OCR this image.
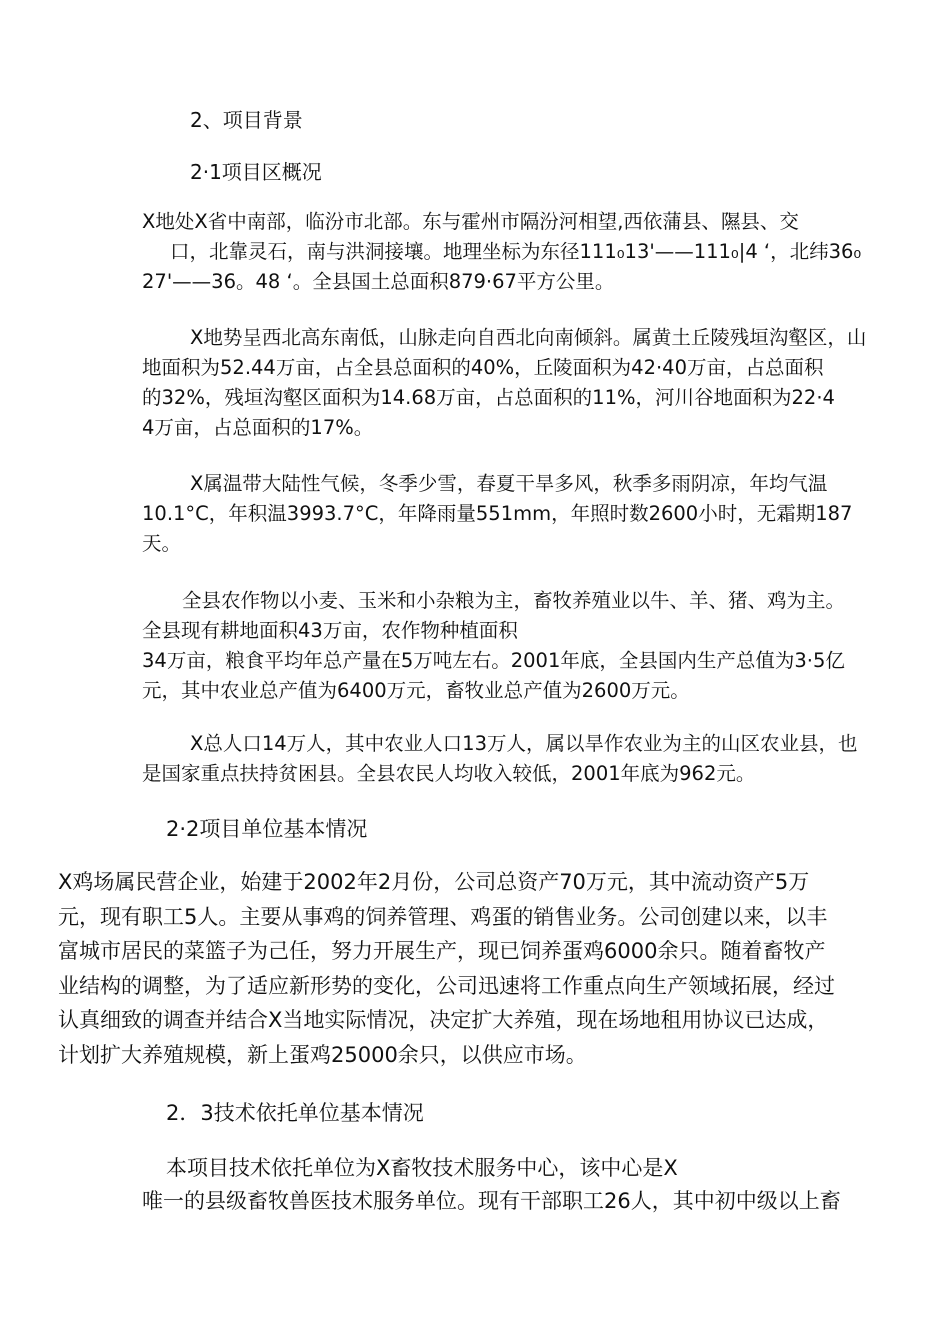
2、项目背景
2·1项目区概况

X地处X省中南部，临汾市北部。东与霍州市隔汾河相望,西依蒲县、隰县、交
口，北靠灵石，南与洪洞接壤。地理坐标为东径111₀13'——111₀|4 ‘，北纬36₀
27'——36。48 ‘。全县国土总面积879·67平方公里。

X地势呈西北高东南低，山脉走向自西北向南倾斜。属黄土丘陵残垣沟壑区，山
地面积为52.44万亩，占全县总面积的40%，丘陵面积为42·40万亩，占总面积
的32%，残垣沟壑区面积为14.68万亩，占总面积的11%，河川谷地面积为22·4
4万亩，占总面积的17%。

X属温带大陆性气候，冬季少雪，春夏干旱多风，秋季多雨阴凉，年均气温
10.1°C，年积温3993.7°C，年降雨量551mm，年照时数2600小时，无霜期187
天。

全县农作物以小麦、玉米和小杂粮为主，畜牧养殖业以牛、羊、猪、鸡为主。
全县现有耕地面积43万亩，农作物种植面积
34万亩，粮食平均年总产量在5万吨左右。2001年底，全县国内生产总值为3·5亿
元，其中农业总产值为6400万元，畜牧业总产值为2600万元。

X总人口14万人，其中农业人口13万人，属以旱作农业为主的山区农业县，也
是国家重点扶持贫困县。全县农民人均收入较低，2001年底为962元。

2·2项目单位基本情况

X鸡场属民营企业，始建于2002年2月份，公司总资产70万元，其中流动资产5万
元，现有职工5人。主要从事鸡的饲养管理、鸡蛋的销售业务。公司创建以来，以丰
富城市居民的菜篮子为己任，努力开展生产，现已饲养蛋鸡6000余只。随着畜牧产
业结构的调整，为了适应新形势的变化，公司迅速将工作重点向生产领域拓展，经过
认真细致的调查并结合X当地实际情况，决定扩大养殖，现在场地租用协议已达成，
计划扩大养殖规模，新上蛋鸡25000余只，以供应市场。

2．3技术依托单位基本情况

本项目技术依托单位为X畜牧技术服务中心，该中心是X
唯一的县级畜牧兽医技术服务单位。现有干部职工26人，其中初中级以上畜
